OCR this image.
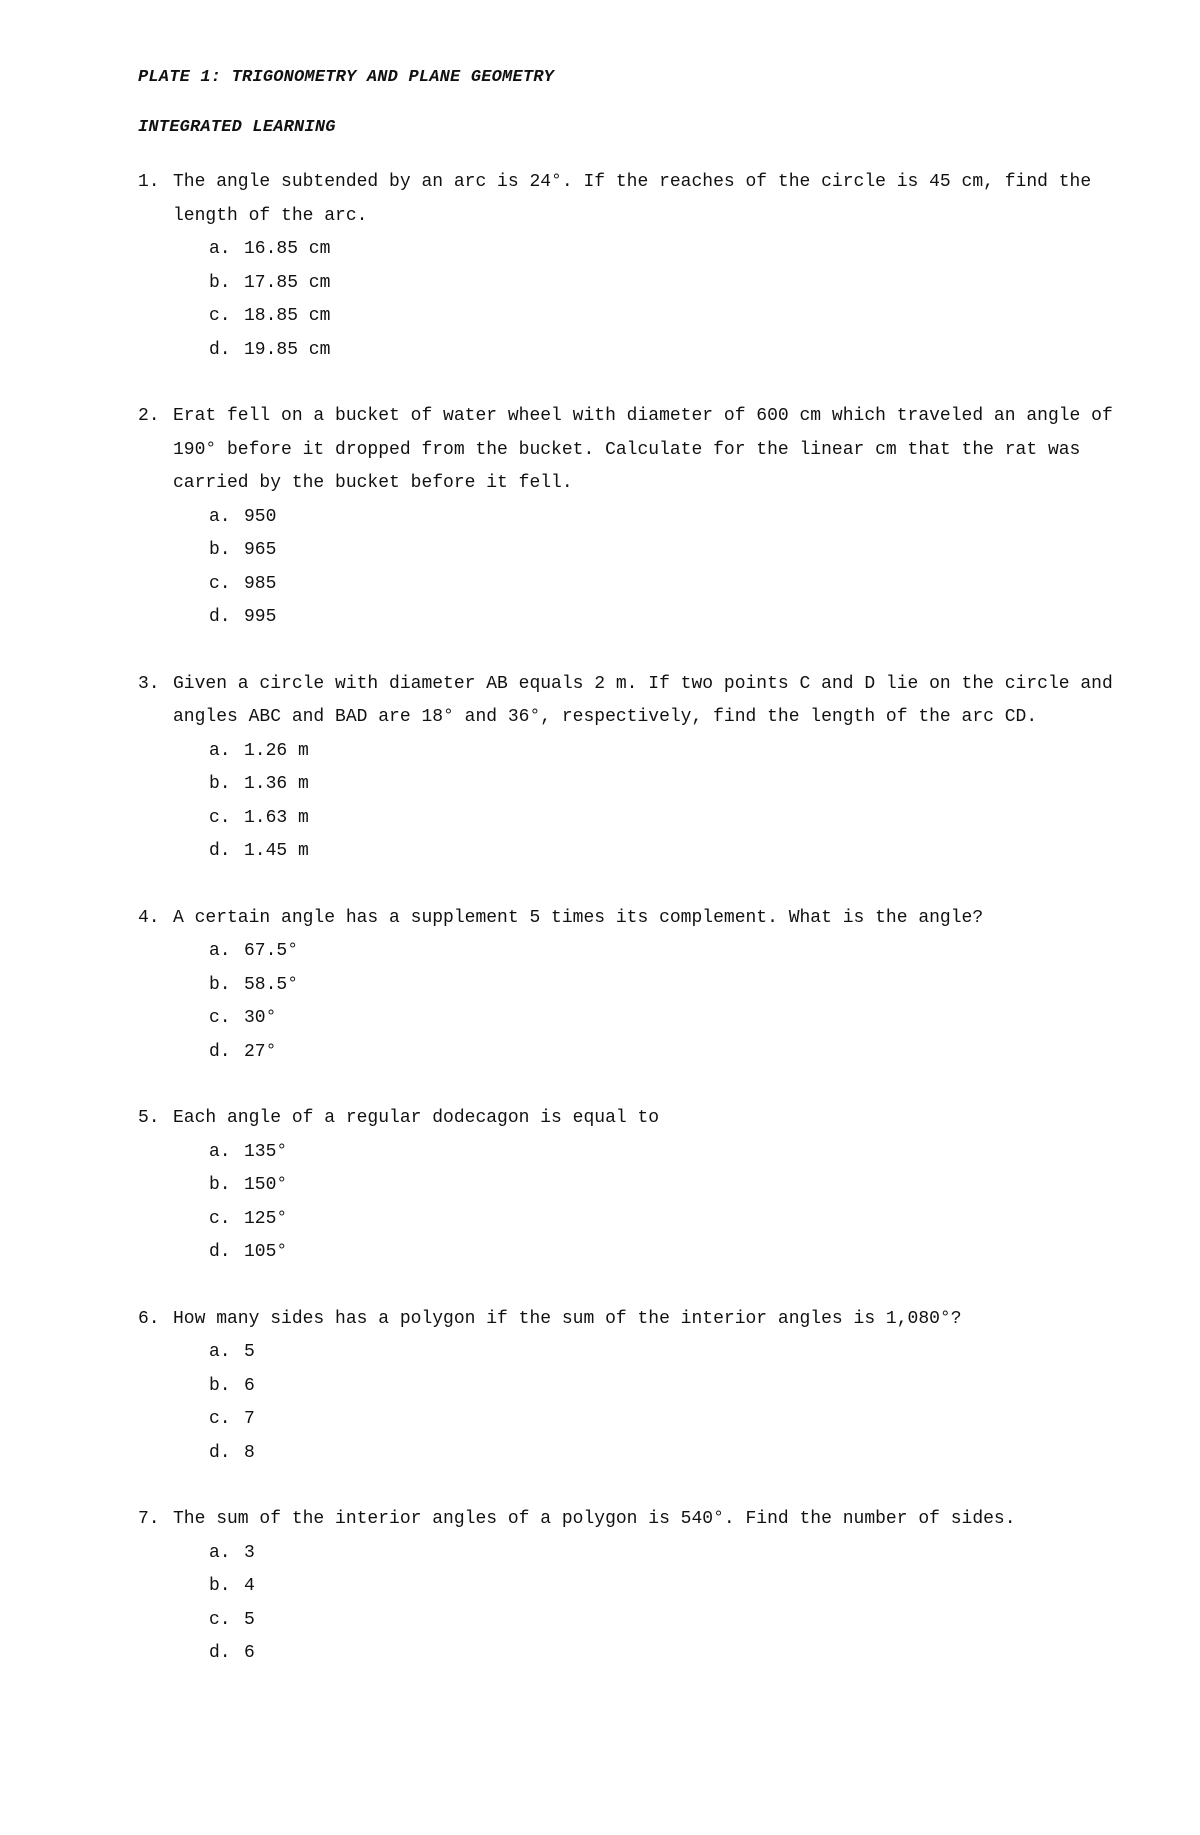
PLATE 1: TRIGONOMETRY AND PLANE GEOMETRY
INTEGRATED LEARNING
1. The angle subtended by an arc is 24°. If the reaches of the circle is 45 cm, find the length of the arc.
a. 16.85 cm
b. 17.85 cm
c. 18.85 cm
d. 19.85 cm
2. Erat fell on a bucket of water wheel with diameter of 600 cm which traveled an angle of 190° before it dropped from the bucket. Calculate for the linear cm that the rat was carried by the bucket before it fell.
a. 950
b. 965
c. 985
d. 995
3. Given a circle with diameter AB equals 2 m. If two points C and D lie on the circle and angles ABC and BAD are 18° and 36°, respectively, find the length of the arc CD.
a. 1.26 m
b. 1.36 m
c. 1.63 m
d. 1.45 m
4. A certain angle has a supplement 5 times its complement. What is the angle?
a. 67.5°
b. 58.5°
c. 30°
d. 27°
5. Each angle of a regular dodecagon is equal to
a. 135°
b. 150°
c. 125°
d. 105°
6. How many sides has a polygon if the sum of the interior angles is 1,080°?
a. 5
b. 6
c. 7
d. 8
7. The sum of the interior angles of a polygon is 540°. Find the number of sides.
a. 3
b. 4
c. 5
d. 6
